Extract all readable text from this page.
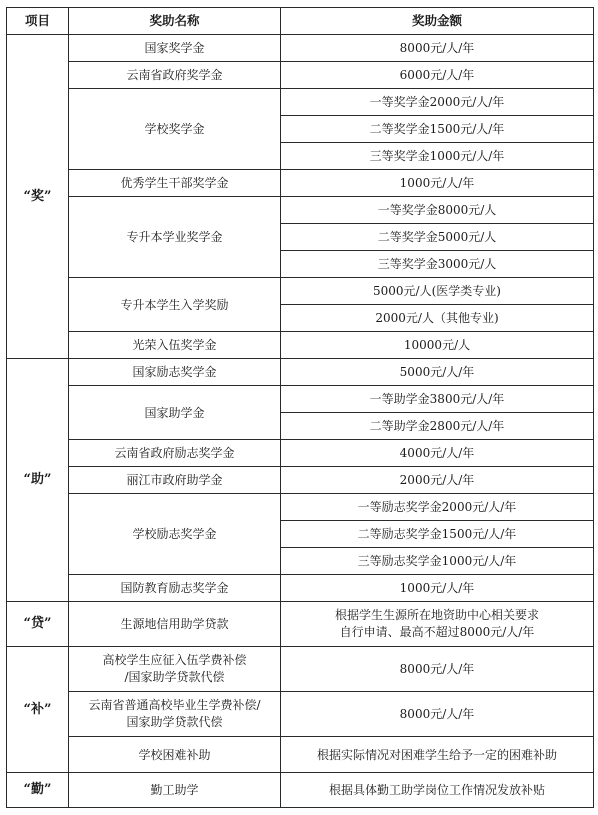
项目	奖助名称	奖助金额
“奖”	国家奖学金	8000元/人/年
	云南省政府奖学金	6000元/人/年
	学校奖学金	一等奖学金2000元/人/年
		二等奖学金1500元/人/年
		三等奖学金1000元/人/年
	优秀学生干部奖学金	1000元/人/年
	专升本学业奖学金	一等奖学金8000元/人
		二等奖学金5000元/人
		三等奖学金3000元/人
	专升本学生入学奖励	5000元/人(医学类专业)
		2000元/人（其他专业)
	光荣入伍奖学金	10000元/人
“助”	国家励志奖学金	5000元/人/年
	国家助学金	一等助学金3800元/人/年
		二等助学金2800元/人/年
	云南省政府励志奖学金	4000元/人/年
	丽江市政府助学金	2000元/人/年
	学校励志奖学金	一等励志奖学金2000元/人/年
		二等励志奖学金1500元/人/年
		三等励志奖学金1000元/人/年
	国防教育励志奖学金	1000元/人/年
“贷”	生源地信用助学贷款	根据学生生源所在地资助中心相关要求
自行申请、最高不超过8000元/人/年
“补”	高校学生应征入伍学费补偿
/国家助学贷款代偿	8000元/人/年
	云南省普通高校毕业生学费补偿/
国家助学贷款代偿	8000元/人/年
	学校困难补助	根据实际情况对困难学生给予一定的困难补助
“勤”	勤工助学	根据具体勤工助学岗位工作情况发放补贴
